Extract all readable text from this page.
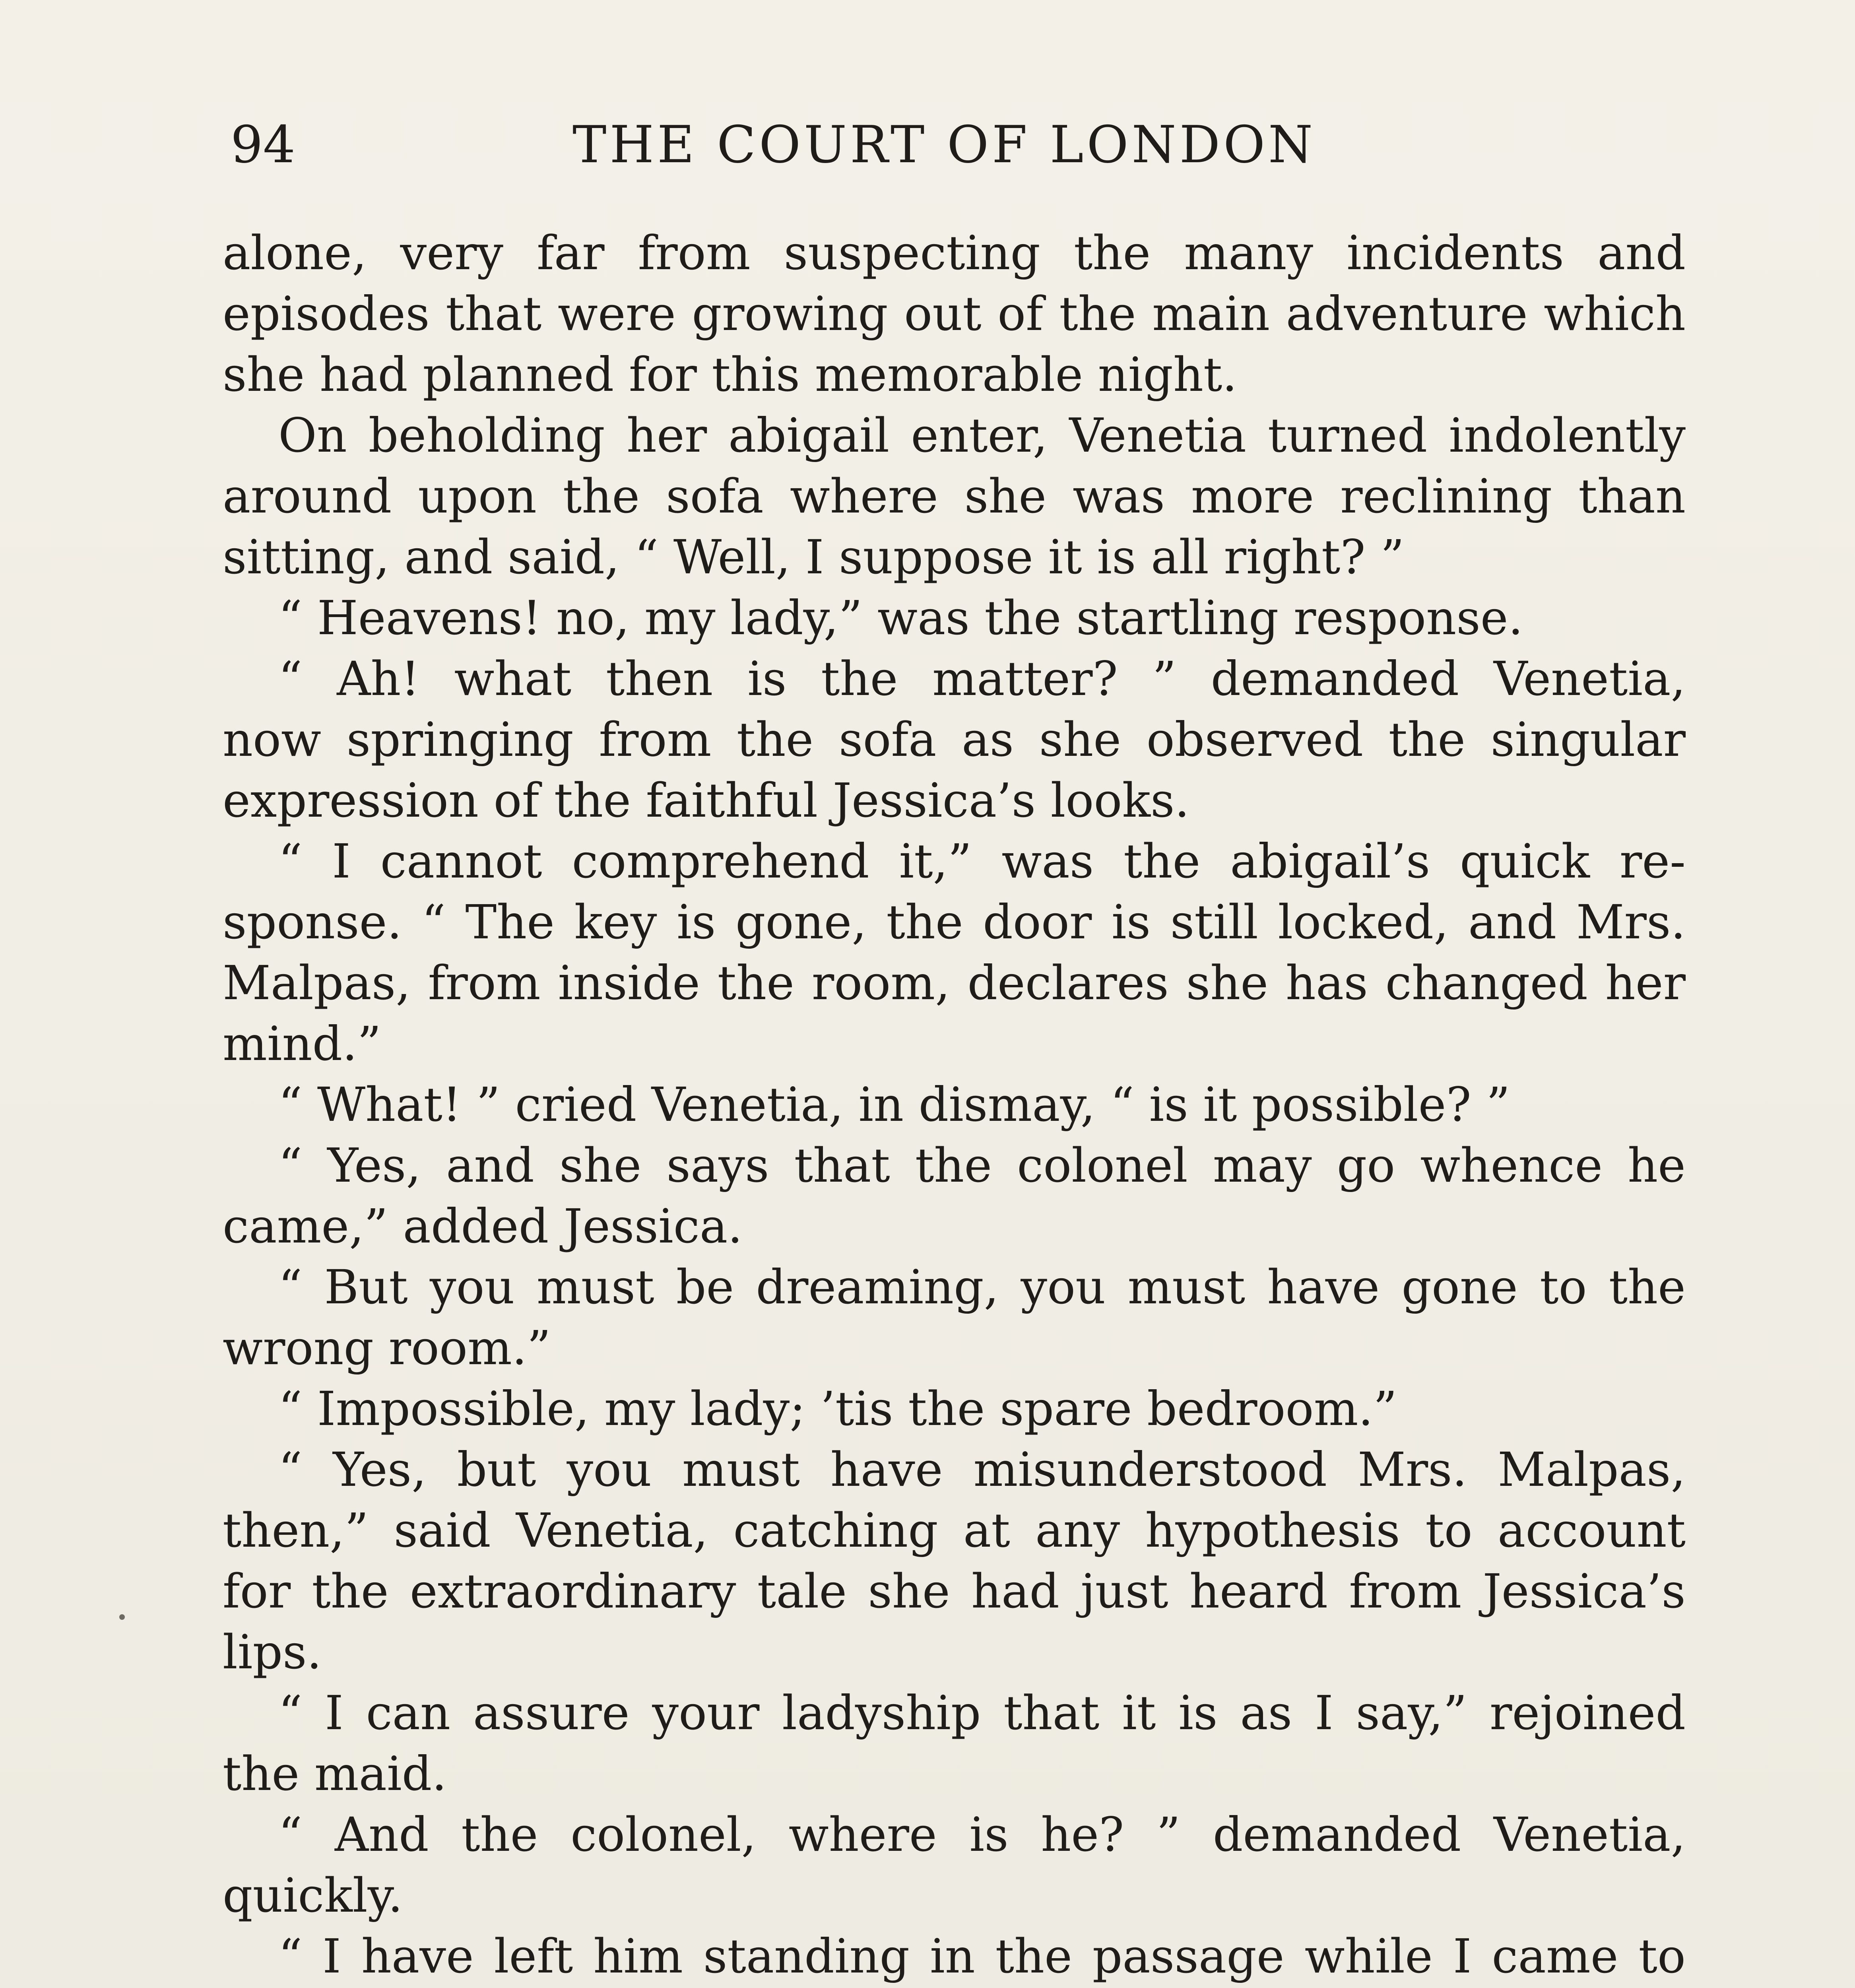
94	THE COURT OF LONDON
alone, very far from suspecting the many incidents and
episodes that were growing out of the main adventure which
she had planned for this memorable night.
On beholding her abigail enter, Venetia turned indolently
around upon the sofa where she was more reclining than
sitting, and said, “ Well, I suppose it is all right? ”
“ Heavens! no, my lady,” was the startling response.
“ Ah! what then is the matter? ” demanded Venetia,
now springing from the sofa as she observed the singular
expression of the faithful Jessica’s looks.
“ I cannot comprehend it,” was the abigail’s quick re-
sponse. “ The key is gone, the door is still locked, and Mrs.
Malpas, from inside the room, declares she has changed her
mind.”
“ What! ” cried Venetia, in dismay, “ is it possible? ”
“ Yes, and she says that the colonel may go whence he
came,” added Jessica.
“ But you must be dreaming, you must have gone to the
wrong room.”
“ Impossible, my lady; ’tis the spare bedroom.”
“ Yes, but you must have misunderstood Mrs. Malpas,
then,” said Venetia, catching at any hypothesis to account
for the extraordinary tale she had just heard from Jessica’s
lips.
“ I can assure your ladyship that it is as I say,” rejoined
the maid.
“ And the colonel, where is he? ” demanded Venetia,
quickly.
“ I have left him standing in the passage while I came to
